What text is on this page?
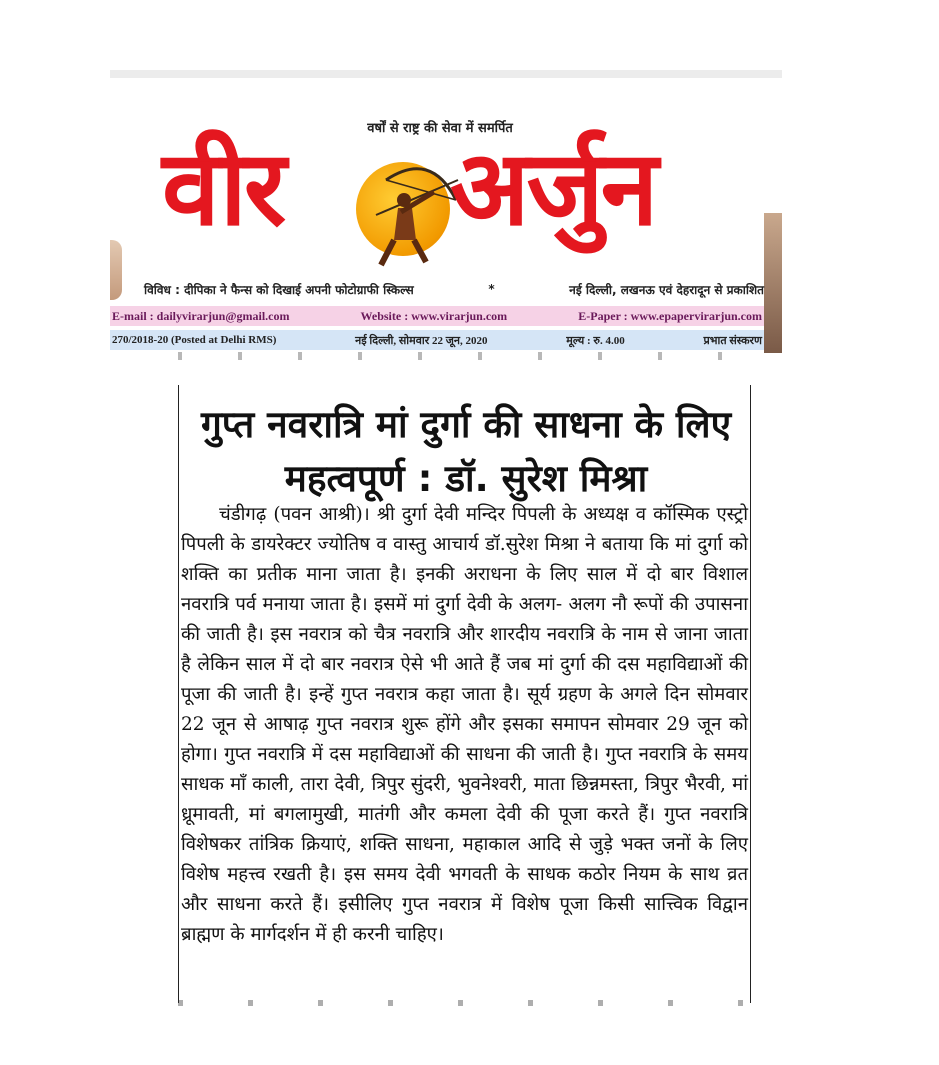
वर्षों से राष्ट्र की सेवा में समर्पित
वीर अर्जुन
विविध : दीपिका ने फैन्स को दिखाई अपनी फोटोग्राफी स्किल्स	*	नई दिल्ली, लखनऊ एवं देहरादून से प्रकाशित
E-mail : dailyvirarjun@gmail.com	Website : www.virarjun.com	E-Paper : www.epapervirarjun.com
270/2018-20 (Posted at Delhi RMS)	नई दिल्ली, सोमवार 22 जून, 2020	मूल्य : रु. 4.00	प्रभात संस्करण
गुप्त नवरात्रि मां दुर्गा की साधना के लिए महत्वपूर्ण : डॉ. सुरेश मिश्रा
चंडीगढ़ (पवन आश्री)। श्री दुर्गा देवी मन्दिर पिपली के अध्यक्ष व कॉस्मिक एस्ट्रो पिपली के डायरेक्टर ज्योतिष व वास्तु आचार्य डॉ.सुरेश मिश्रा ने बताया कि मां दुर्गा को शक्ति का प्रतीक माना जाता है। इनकी अराधना के लिए साल में दो बार विशाल नवरात्रि पर्व मनाया जाता है। इसमें मां दुर्गा देवी के अलग- अलग नौ रूपों की उपासना की जाती है। इस नवरात्र को चैत्र नवरात्रि और शारदीय नवरात्रि के नाम से जाना जाता है लेकिन साल में दो बार नवरात्र ऐसे भी आते हैं जब मां दुर्गा की दस महाविद्याओं की पूजा की जाती है। इन्हें गुप्त नवरात्र कहा जाता है। सूर्य ग्रहण के अगले दिन सोमवार 22 जून से आषाढ़ गुप्त नवरात्र शुरू होंगे और इसका समापन सोमवार 29 जून को होगा। गुप्त नवरात्रि में दस महाविद्याओं की साधना की जाती है। गुप्त नवरात्रि के समय साधक माँ काली, तारा देवी, त्रिपुर सुंदरी, भुवनेश्वरी, माता छिन्नमस्ता, त्रिपुर भैरवी, मां ध्रूमावती, मां बगलामुखी, मातंगी और कमला देवी की पूजा करते हैं। गुप्त नवरात्रि विशेषकर तांत्रिक क्रियाएं, शक्ति साधना, महाकाल आदि से जुड़े भक्त जनों के लिए विशेष महत्त्व रखती है। इस समय देवी भगवती के साधक कठोर नियम के साथ व्रत और साधना करते हैं। इसीलिए गुप्त नवरात्र में विशेष पूजा किसी सात्त्विक विद्वान ब्राह्मण के मार्गदर्शन में ही करनी चाहिए।
